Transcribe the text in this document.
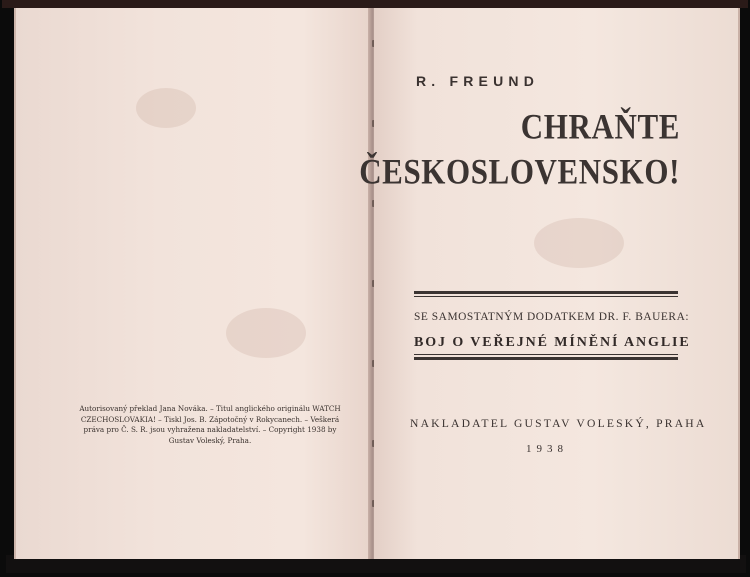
Autorisovaný překlad Jana Nováka. – Titul anglického originálu WATCH
CZECHOSLOVAKIA! – Tiskl Jos. B. Zápotočný v Rokycanech. – Veškerá
práva pro Č. S. R. jsou vyhražena nakladatelství. – Copyright 1938 by
Gustav Voleský, Praha.
R. FREUND
CHRAŇTE
ČESKOSLOVENSKO!
SE SAMOSTATNÝM DODATKEM DR. F. BAUERA:
BOJ O VEŘEJNÉ MÍNĚNÍ ANGLIE
NAKLADATEL GUSTAV VOLESKÝ, PRAHA
1938
